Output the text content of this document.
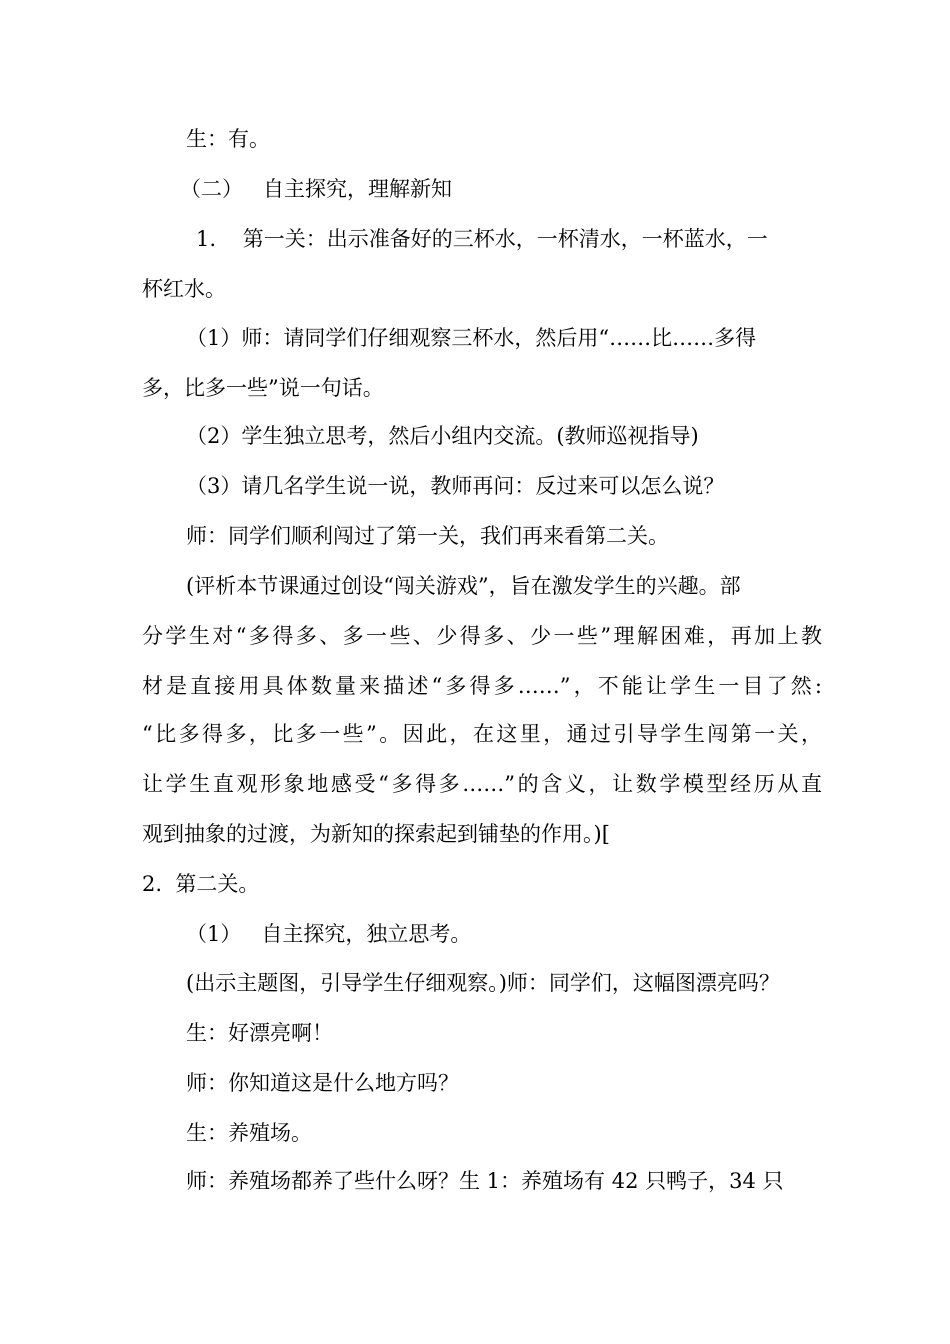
生：有。

（二）   自主探究，理解新知

1.    第一关：出示准备好的三杯水，一杯清水，一杯蓝水，一

杯红水。

（1）师：请同学们仔细观察三杯水，然后用“……比……多得

多，比多一些”说一句话。

（2）学生独立思考，然后小组内交流。(教师巡视指导)

（3）请几名学生说一说，教师再问：反过来可以怎么说？

师：同学们顺利闯过了第一关，我们再来看第二关。

(评析本节课通过创设“闯关游戏”，旨在激发学生的兴趣。部

分学生对“多得多、多一些、少得多、少一些”理解困难，再加上教

材是直接用具体数量来描述“多得多……”，不能让学生一目了然:

“比多得多，比多一些”。因此，在这里，通过引导学生闯第一关，

让学生直观形象地感受“多得多……”的含义，让数学模型经历从直

观到抽象的过渡，为新知的探索起到铺垫的作用。)[

2.  第二关。

（1）   自主探究，独立思考。

(出示主题图，引导学生仔细观察。)师：同学们，这幅图漂亮吗？

生：好漂亮啊！

师：你知道这是什么地方吗？

生：养殖场。

师：养殖场都养了些什么呀？生 1：养殖场有 42 只鸭子，34 只
